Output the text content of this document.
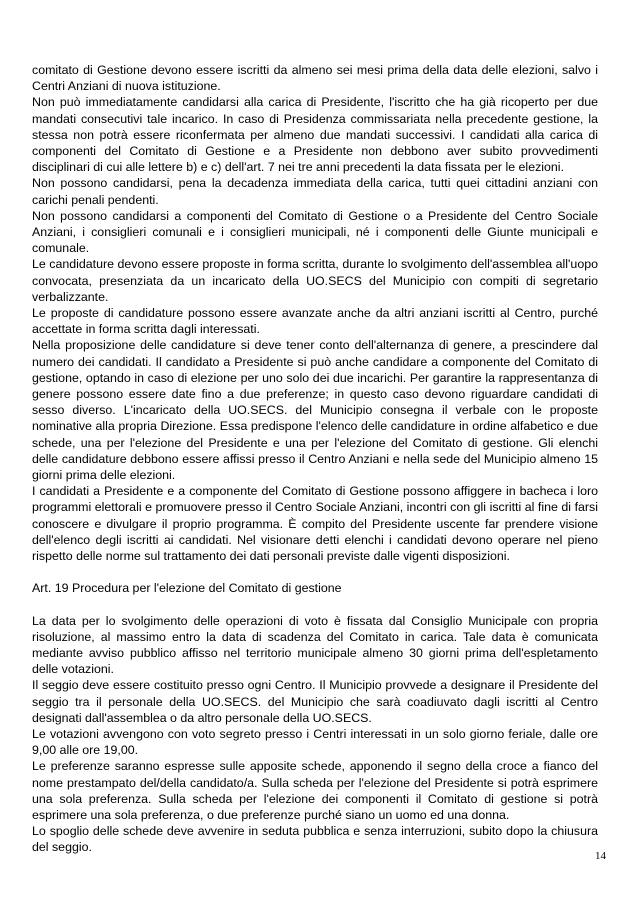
comitato di Gestione devono essere iscritti da almeno sei mesi prima della data delle elezioni, salvo i Centri Anziani di nuova istituzione.

Non può immediatamente candidarsi alla carica di Presidente, l'iscritto che ha già ricoperto per due mandati consecutivi tale incarico. In caso di Presidenza commissariata nella precedente gestione, la stessa non potrà essere riconfermata per almeno due mandati successivi. I candidati alla carica di componenti del Comitato di Gestione e a Presidente non debbono aver subito provvedimenti disciplinari di cui alle lettere b) e c) dell'art. 7 nei tre anni precedenti la data fissata per le elezioni.

Non possono candidarsi, pena la decadenza immediata della carica, tutti quei cittadini anziani con carichi penali pendenti.

Non possono candidarsi a componenti del Comitato di Gestione o a Presidente del Centro Sociale Anziani, i consiglieri comunali e i consiglieri municipali, né i componenti delle Giunte municipali e comunale.

Le candidature devono essere proposte in forma scritta, durante lo svolgimento dell'assemblea all'uopo convocata, presenziata da un incaricato della UO.SECS del Municipio con compiti di segretario verbalizzante.

Le proposte di candidature possono essere avanzate anche da altri anziani iscritti al Centro, purché accettate in forma scritta dagli interessati.

Nella proposizione delle candidature si deve tener conto dell'alternanza di genere, a prescindere dal numero dei candidati. Il candidato a Presidente si può anche candidare a componente del Comitato di gestione, optando in caso di elezione per uno solo dei due incarichi. Per garantire la rappresentanza di genere possono essere date fino a due preferenze; in questo caso devono riguardare candidati di sesso diverso. L'incaricato della UO.SECS. del Municipio consegna il verbale con le proposte nominative alla propria Direzione. Essa predispone l'elenco delle candidature in ordine alfabetico e due schede, una per l'elezione del Presidente e una per l'elezione del Comitato di gestione. Gli elenchi delle candidature debbono essere affissi presso il Centro Anziani e nella sede del Municipio almeno 15 giorni prima delle elezioni.

I candidati a Presidente e a componente del Comitato di Gestione possono affiggere in bacheca i loro programmi elettorali e promuovere presso il Centro Sociale Anziani, incontri con gli iscritti al fine di farsi conoscere e divulgare il proprio programma. È compito del Presidente uscente far prendere visione dell'elenco degli iscritti ai candidati. Nel visionare detti elenchi i candidati devono operare nel pieno rispetto delle norme sul trattamento dei dati personali previste dalle vigenti disposizioni.

Art. 19 Procedura per l'elezione del Comitato di gestione

La data per lo svolgimento delle operazioni di voto è fissata dal Consiglio Municipale con propria risoluzione, al massimo entro la data di scadenza del Comitato in carica. Tale data è comunicata mediante avviso pubblico affisso nel territorio municipale almeno 30 giorni prima dell'espletamento delle votazioni.

Il seggio deve essere costituito presso ogni Centro. Il Municipio provvede a designare il Presidente del seggio tra il personale della UO.SECS. del Municipio che sarà coadiuvato dagli iscritti al Centro designati dall'assemblea o da altro personale della UO.SECS.

Le votazioni avvengono con voto segreto presso i Centri interessati in un solo giorno feriale, dalle ore 9,00 alle ore 19,00.

Le preferenze saranno espresse sulle apposite schede, apponendo il segno della croce a fianco del nome prestampato del/della candidato/a. Sulla scheda per l'elezione del Presidente si potrà esprimere una sola preferenza. Sulla scheda per l'elezione dei componenti il Comitato di gestione si potrà esprimere una sola preferenza, o due preferenze purché siano un uomo ed una donna.

Lo spoglio delle schede deve avvenire in seduta pubblica e senza interruzioni, subito dopo la chiusura del seggio.

14
